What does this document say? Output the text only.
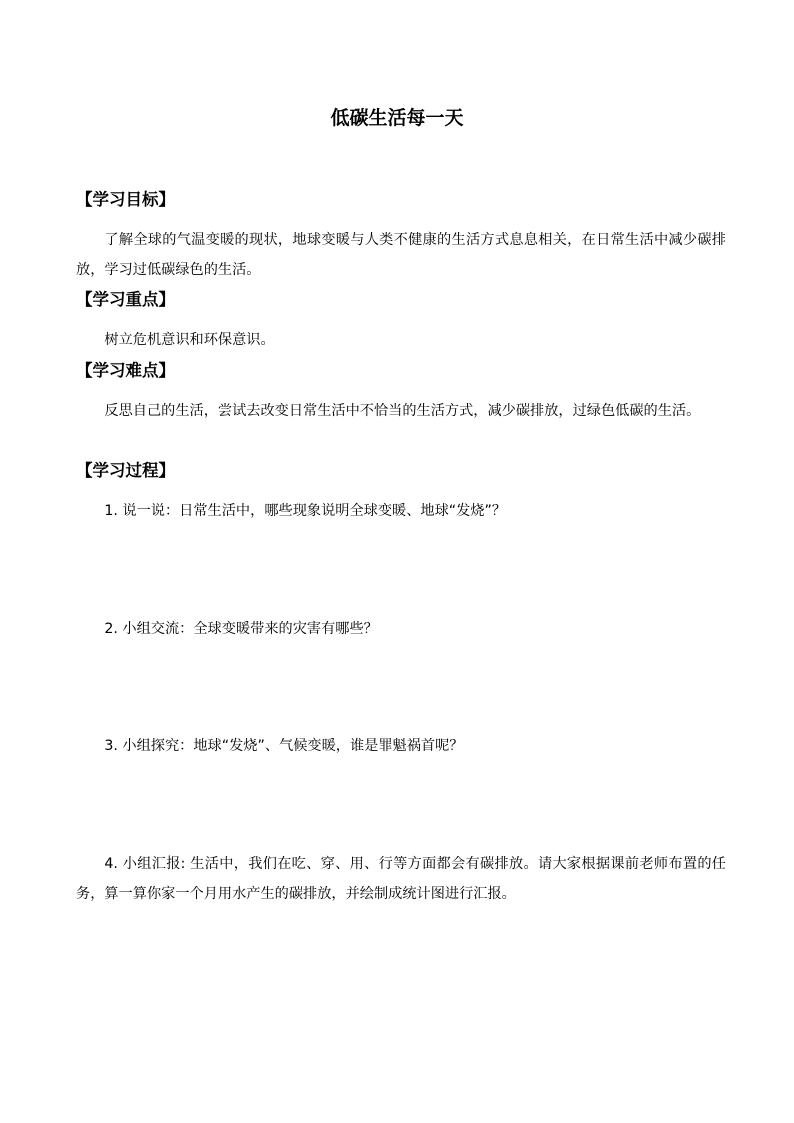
低碳生活每一天
【学习目标】

了解全球的气温变暖的现状，地球变暖与人类不健康的生活方式息息相关，在日常生活中减少碳排放，学习过低碳绿色的生活。

【学习重点】

树立危机意识和环保意识。

【学习难点】

反思自己的生活，尝试去改变日常生活中不恰当的生活方式，减少碳排放，过绿色低碳的生活。

【学习过程】

1. 说一说：日常生活中，哪些现象说明全球变暖、地球“发烧”？

2. 小组交流：全球变暖带来的灾害有哪些？

3. 小组探究：地球“发烧”、气候变暖，谁是罪魁祸首呢？

4. 小组汇报: 生活中，我们在吃、穿、用、行等方面都会有碳排放。请大家根据课前老师布置的任务，算一算你家一个月用水产生的碳排放，并绘制成统计图进行汇报。
